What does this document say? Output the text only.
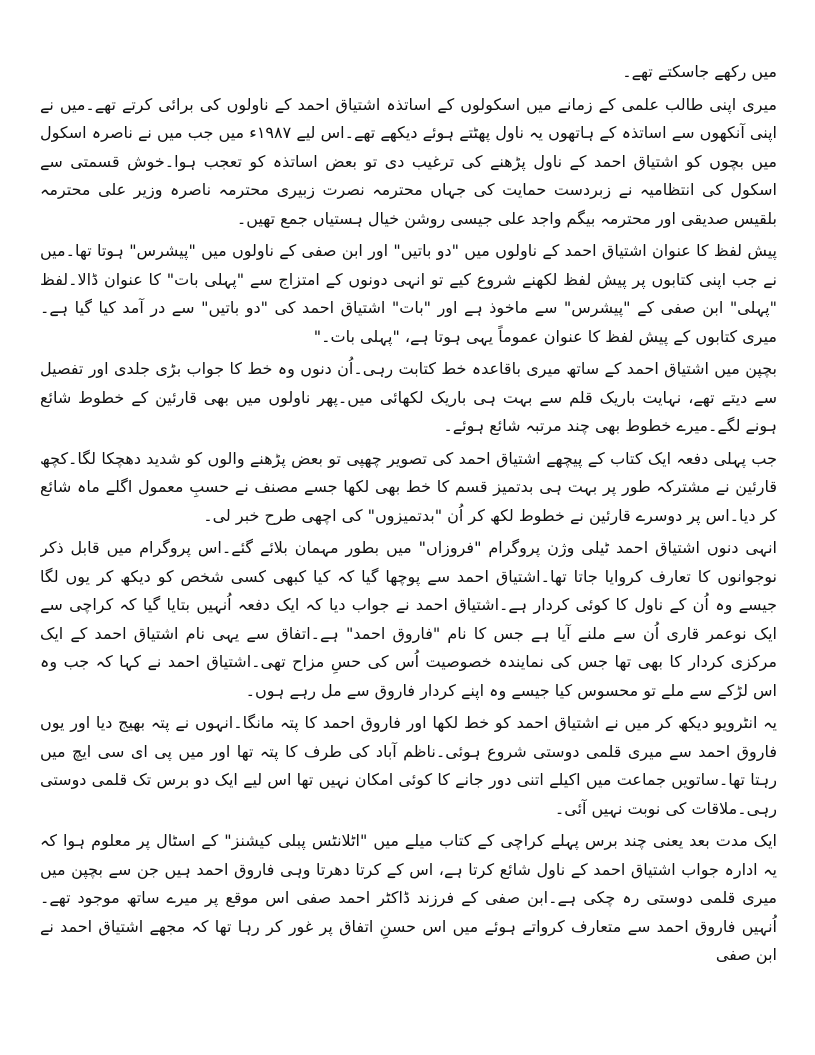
میں رکھے جاسکتے تھے۔

میری اپنی طالب علمی کے زمانے میں اسکولوں کے اساتذہ اشتیاق احمد کے ناولوں کی برائی کرتے تھے۔میں نے اپنی آنکھوں سے اساتذہ کے ہاتھوں یہ ناول پھٹتے ہوئے دیکھے تھے۔اس لیے ۱۹۸۷ء میں جب میں نے ناصرہ اسکول میں بچوں کو اشتیاق احمد کے ناول پڑھنے کی ترغیب دی تو بعض اساتذہ کو تعجب ہوا۔خوش قسمتی سے اسکول کی انتظامیہ نے زبردست حمایت کی جہاں محترمہ نصرت زبیری محترمہ ناصرہ وزیر علی محترمہ بلقیس صدیقی اور محترمہ بیگم واجد علی جیسی روشن خیال ہستیاں جمع تھیں۔

پیش لفظ کا عنوان اشتیاق احمد کے ناولوں میں "دو باتیں" اور ابن صفی کے ناولوں میں "پیشرس" ہوتا تھا۔میں نے جب اپنی کتابوں پر پیش لفظ لکھنے شروع کیے تو انہی دونوں کے امتزاج سے "پہلی بات" کا عنوان ڈالا۔لفظ "پہلی" ابن صفی کے "پیشرس" سے ماخوذ ہے اور "بات" اشتیاق احمد کی "دو باتیں" سے در آمد کیا گیا ہے۔میری کتابوں کے پیش لفظ کا عنوان عموماً یہی ہوتا ہے، "پہلی بات۔"

بچپن میں اشتیاق احمد کے ساتھ میری باقاعدہ خط کتابت رہی۔اُن دنوں وہ خط کا جواب بڑی جلدی اور تفصیل سے دیتے تھے، نہایت باریک قلم سے بہت ہی باریک لکھائی میں۔پھر ناولوں میں بھی قارئین کے خطوط شائع ہونے لگے۔میرے خطوط بھی چند مرتبہ شائع ہوئے۔

جب پہلی دفعہ ایک کتاب کے پیچھے اشتیاق احمد کی تصویر چھپی تو بعض پڑھنے والوں کو شدید دھچکا لگا۔کچھ قارئین نے مشترکہ طور پر بہت ہی بدتمیز قسم کا خط بھی لکھا جسے مصنف نے حسبِ معمول اگلے ماہ شائع کر دیا۔اس پر دوسرے قارئین نے خطوط لکھ کر اُن "بدتمیزوں" کی اچھی طرح خبر لی۔

انہی دنوں اشتیاق احمد ٹیلی وژن پروگرام "فروزاں" میں بطور مہمان بلائے گئے۔اس پروگرام میں قابل ذکر نوجوانوں کا تعارف کروایا جاتا تھا۔اشتیاق احمد سے پوچھا گیا کہ کیا کبھی کسی شخص کو دیکھ کر یوں لگا جیسے وہ اُن کے ناول کا کوئی کردار ہے۔اشتیاق احمد نے جواب دیا کہ ایک دفعہ اُنہیں بتایا گیا کہ کراچی سے ایک نوعمر قاری اُن سے ملنے آیا ہے جس کا نام "فاروق احمد" ہے۔اتفاق سے یہی نام اشتیاق احمد کے ایک مرکزی کردار کا بھی تھا جس کی نمایندہ خصوصیت اُس کی حسِ مزاح تھی۔اشتیاق احمد نے کہا کہ جب وہ اس لڑکے سے ملے تو محسوس کیا جیسے وہ اپنے کردار فاروق سے مل رہے ہوں۔

یہ انٹرویو دیکھ کر میں نے اشتیاق احمد کو خط لکھا اور فاروق احمد کا پتہ مانگا۔انہوں نے پتہ بھیج دیا اور یوں فاروق احمد سے میری قلمی دوستی شروع ہوئی۔ناظم آباد کی طرف کا پتہ تھا اور میں پی ای سی ایچ میں رہتا تھا۔ساتویں جماعت میں اکیلے اتنی دور جانے کا کوئی امکان نہیں تھا اس لیے ایک دو برس تک قلمی دوستی رہی۔ملاقات کی نوبت نہیں آئی۔

ایک مدت بعد یعنی چند برس پہلے کراچی کے کتاب میلے میں "اٹلانٹس پبلی کیشنز" کے اسٹال پر معلوم ہوا کہ یہ ادارہ جواب اشتیاق احمد کے ناول شائع کرتا ہے، اس کے کرتا دھرتا وہی فاروق احمد ہیں جن سے بچپن میں میری قلمی دوستی رہ چکی ہے۔ابن صفی کے فرزند ڈاکٹر احمد صفی اس موقع پر میرے ساتھ موجود تھے۔اُنہیں فاروق احمد سے متعارف کرواتے ہوئے میں اس حسنِ اتفاق پر غور کر رہا تھا کہ مجھے اشتیاق احمد نے ابن صفی
